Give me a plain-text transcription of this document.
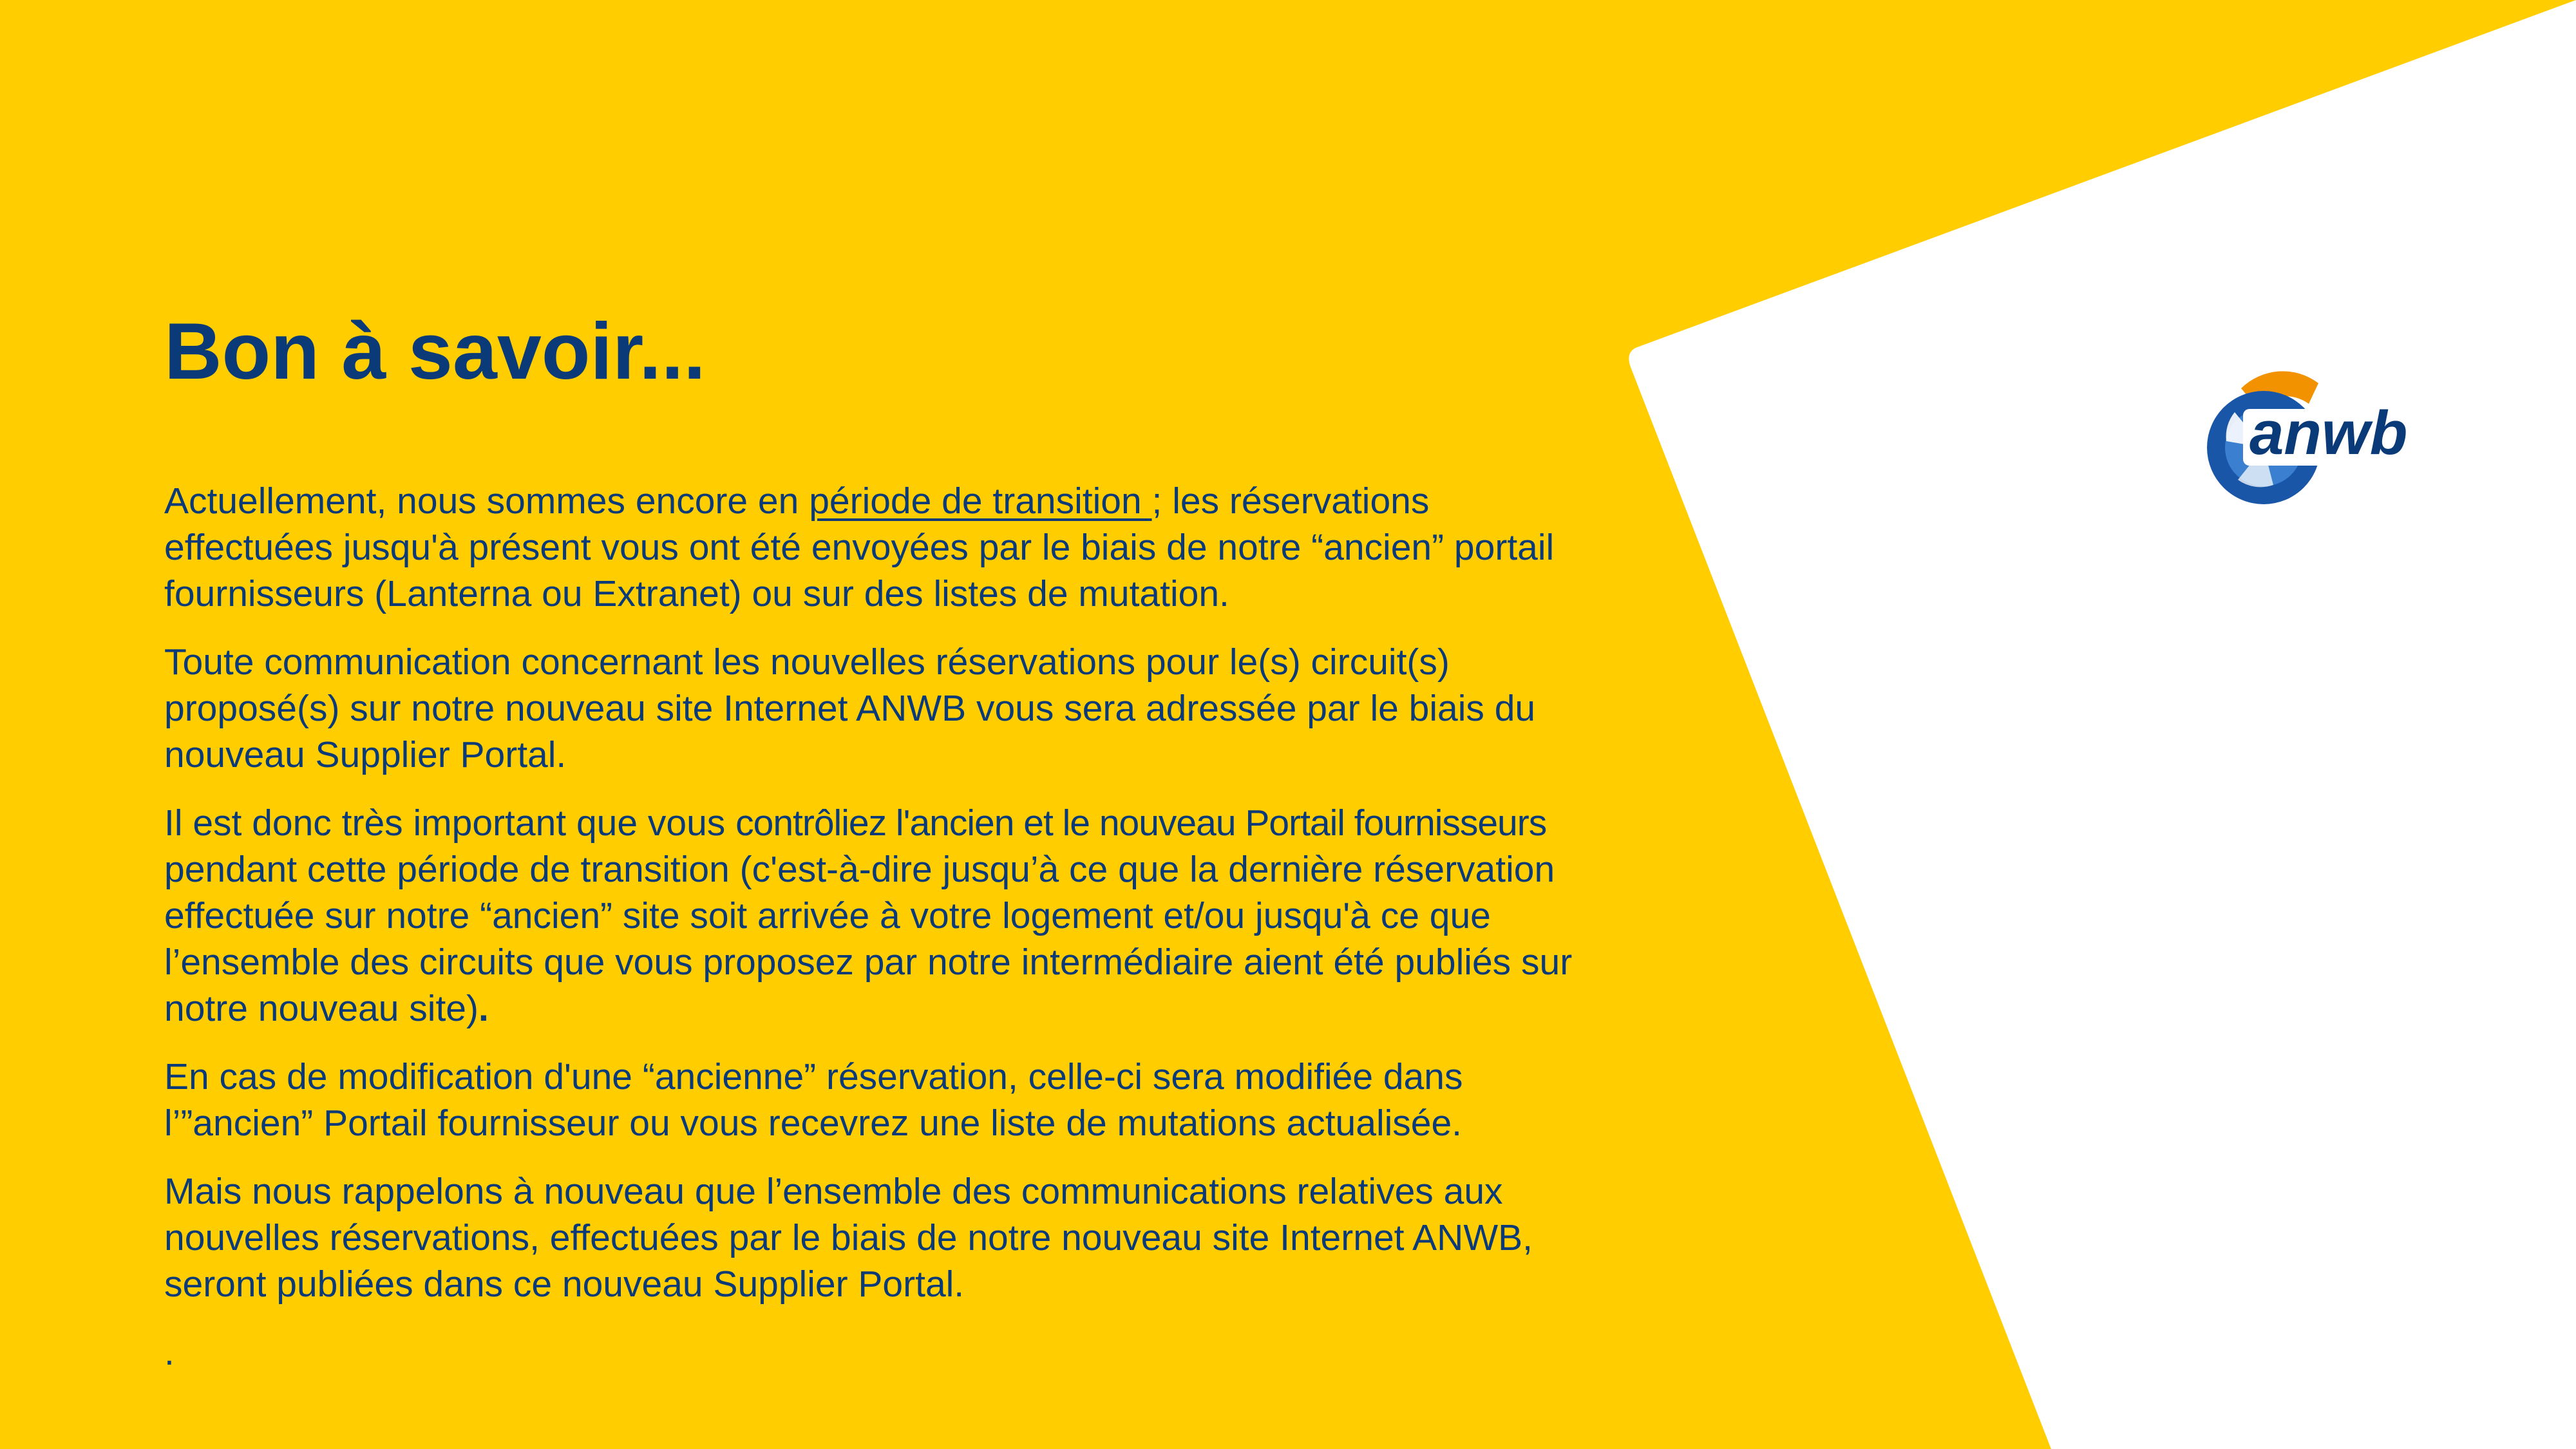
Bon à savoir...

Actuellement, nous sommes encore en période de transition ; les réservations effectuées jusqu'à présent vous ont été envoyées par le biais de notre “ancien” portail fournisseurs (Lanterna ou Extranet) ou sur des listes de mutation.

Toute communication concernant les nouvelles réservations pour le(s) circuit(s) proposé(s) sur notre nouveau site Internet ANWB vous sera adressée par le biais du nouveau Supplier Portal.

Il est donc très important que vous contrôliez l'ancien et le nouveau Portail fournisseurs pendant cette période de transition (c'est-à-dire jusqu’à ce que la dernière réservation effectuée sur notre “ancien” site soit arrivée à votre logement et/ou jusqu'à ce que l’ensemble des circuits que vous proposez par notre intermédiaire aient été publiés sur notre nouveau site).

En cas de modification d'une “ancienne” réservation, celle-ci sera modifiée dans l’”ancien” Portail fournisseur ou vous recevrez une liste de mutations actualisée.

Mais nous rappelons à nouveau que l’ensemble des communications relatives aux nouvelles réservations, effectuées par le biais de notre nouveau site Internet ANWB, seront publiées dans ce nouveau Supplier Portal.

.

anwb
